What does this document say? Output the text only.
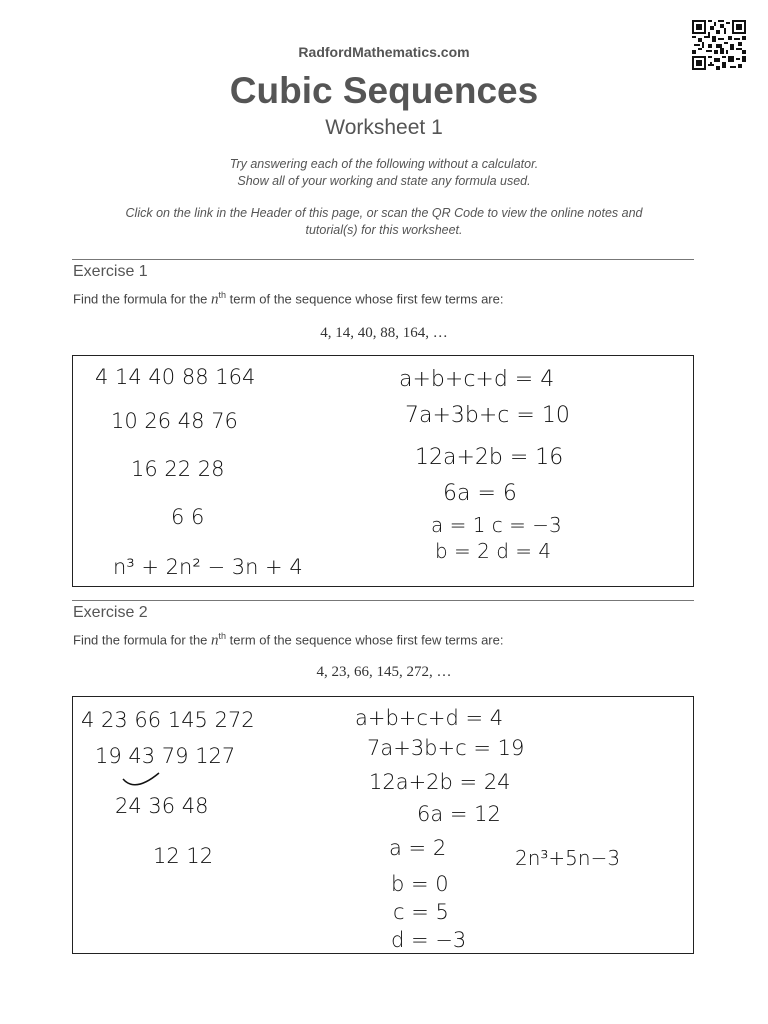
RadfordMathematics.com
Cubic Sequences
Worksheet 1
Try answering each of the following without a calculator.
Show all of your working and state any formula used.
Click on the link in the Header of this page, or scan the QR Code to view the online notes and
tutorial(s) for this worksheet.
Exercise 1
Find the formula for the $n^{th}$ term of the sequence whose first few terms are:
4, 14, 40, 88, 164, …
4 14 40 88 164
10 26 48 76
16 22 28
6 6
n³ + 2n² − 3n + 4
a+b+c+d = 4
7a+3b+c = 10
12a+2b = 16
6a = 6
a = 1 c = −3
b = 2 d = 4
Exercise 2
Find the formula for the $n^{th}$ term of the sequence whose first few terms are:
4, 23, 66, 145, 272, …
4 23 66 145 272
19 43 79 127
24 36 48
12 12
a+b+c+d = 4
7a+3b+c = 19
12a+2b = 24
6a = 12
a = 2
b = 0
c = 5
d = −3
2n³+5n−3
